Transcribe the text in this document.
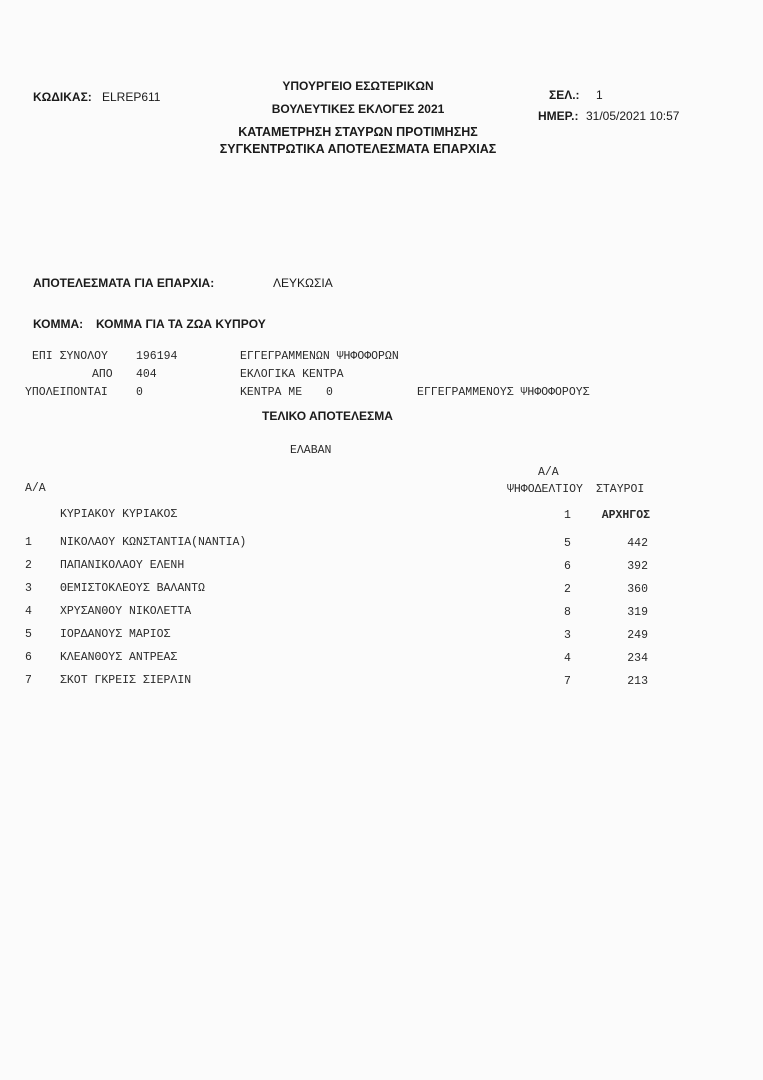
ΚΩΔΙΚΑΣ: ELREP611
ΥΠΟΥΡΓΕΙΟ ΕΣΩΤΕΡΙΚΩΝ
ΒΟΥΛΕΥΤΙΚΕΣ ΕΚΛΟΓΕΣ 2021
ΚΑΤΑΜΕΤΡΗΣΗ ΣΤΑΥΡΩΝ ΠΡΟΤΙΜΗΣΗΣ
ΣΥΓΚΕΝΤΡΩΤΙΚΑ ΑΠΟΤΕΛΕΣΜΑΤΑ ΕΠΑΡΧΙΑΣ
ΣΕΛ.: 1
ΗΜΕΡ.: 31/05/2021 10:57
ΑΠΟΤΕΛΕΣΜΑΤΑ ΓΙΑ ΕΠΑΡΧΙΑ:	ΛΕΥΚΩΣΙΑ
ΚΟΜΜΑ: ΚΟΜΜΑ ΓΙΑ ΤΑ ΖΩΑ ΚΥΠΡΟΥ
ΕΠΙ ΣΥΝΟΛΟΥ 196194	ΕΓΓΕΓΡΑΜΜΕΝΩΝ ΨΗΦΟΦΟΡΩΝ
ΑΠΟ 404	ΕΚΛΟΓΙΚΑ ΚΕΝΤΡΑ
ΥΠΟΛΕΙΠΟΝΤΑΙ 0	ΚΕΝΤΡΑ ΜΕ 0	ΕΓΓΕΓΡΑΜΜΕΝΟΥΣ ΨΗΦΟΦΟΡΟΥΣ
ΤΕΛΙΚΟ ΑΠΟΤΕΛΕΣΜΑ
ΕΛΑΒΑΝ
Α/Α
Α/Α	ΨΗΦΟΔΕΛΤΙΟΥ ΣΤΑΥΡΟΙ
ΚΥΡΙΑΚΟΥ ΚΥΡΙΑΚΟΣ	1	ΑΡΧΗΓΟΣ
1 ΝΙΚΟΛΑΟΥ ΚΩΝΣΤΑΝΤΙΑ(ΝΑΝΤΙΑ)	5	442
2 ΠΑΠΑΝΙΚΟΛΑΟΥ ΕΛΕΝΗ	6	392
3 ΘΕΜΙΣΤΟΚΛΕΟΥΣ ΒΑΛΑΝΤΩ	2	360
4 ΧΡΥΣΑΝΘΟΥ ΝΙΚΟΛΕΤΤΑ	8	319
5 ΙΟΡΔΑΝΟΥΣ ΜΑΡΙΟΣ	3	249
6 ΚΛΕΑΝΘΟΥΣ ΑΝΤΡΕΑΣ	4	234
7 ΣΚΟΤ ΓΚΡΕΙΣ ΣΙΕΡΛΙΝ	7	213
